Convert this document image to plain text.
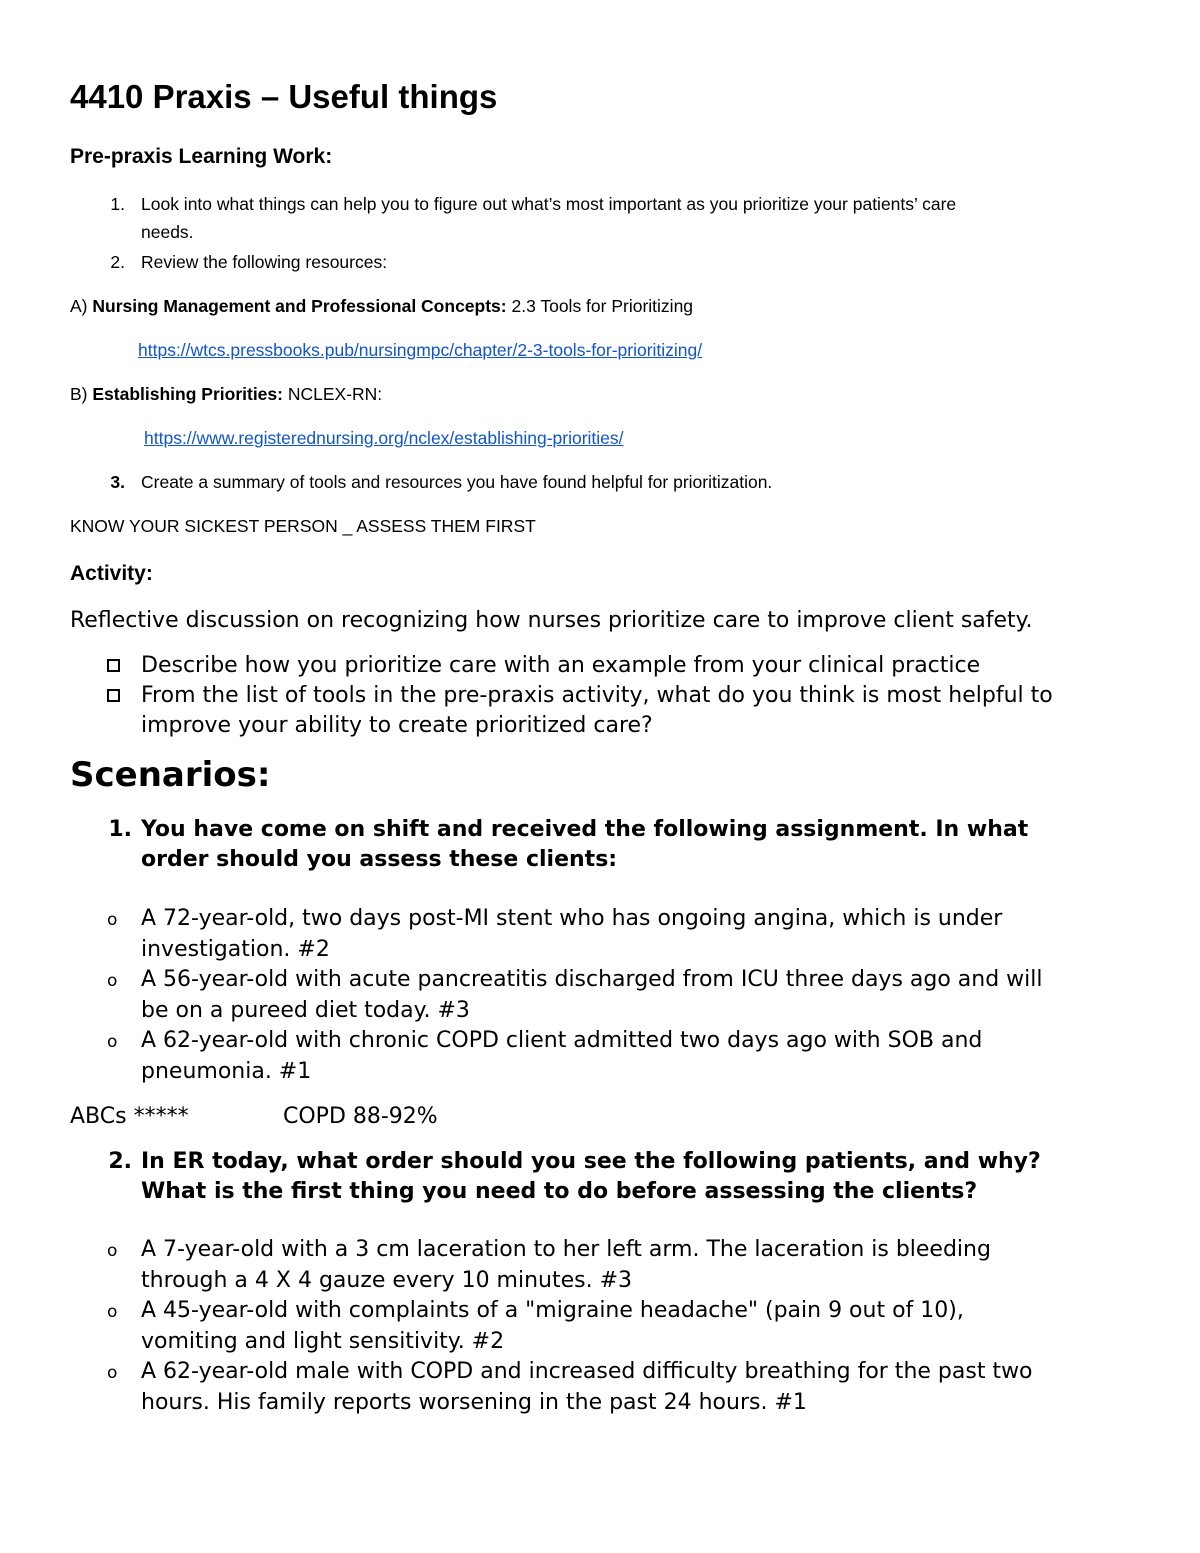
4410 Praxis – Useful things
Pre-praxis Learning Work:
1. Look into what things can help you to figure out what’s most important as you prioritize your patients’ care
needs.
2. Review the following resources:
A) Nursing Management and Professional Concepts: 2.3 Tools for Prioritizing
https://wtcs.pressbooks.pub/nursingmpc/chapter/2-3-tools-for-prioritizing/
B) Establishing Priorities: NCLEX-RN:
https://www.registerednursing.org/nclex/establishing-priorities/
3. Create a summary of tools and resources you have found helpful for prioritization.
KNOW YOUR SICKEST PERSON _ ASSESS THEM FIRST
Activity:
Reflective discussion on recognizing how nurses prioritize care to improve client safety.
Describe how you prioritize care with an example from your clinical practice
From the list of tools in the pre-praxis activity, what do you think is most helpful to
improve your ability to create prioritized care?
Scenarios:
1. You have come on shift and received the following assignment. In what
order should you assess these clients:
o A 72-year-old, two days post-MI stent who has ongoing angina, which is under
investigation. #2
o A 56-year-old with acute pancreatitis discharged from ICU three days ago and will
be on a pureed diet today. #3
o A 62-year-old with chronic COPD client admitted two days ago with SOB and
pneumonia. #1
ABCs *****	COPD 88-92%
2. In ER today, what order should you see the following patients, and why?
What is the first thing you need to do before assessing the clients?
o A 7-year-old with a 3 cm laceration to her left arm. The laceration is bleeding
through a 4 X 4 gauze every 10 minutes. #3
o A 45-year-old with complaints of a "migraine headache" (pain 9 out of 10),
vomiting and light sensitivity. #2
o A 62-year-old male with COPD and increased difficulty breathing for the past two
hours. His family reports worsening in the past 24 hours. #1
